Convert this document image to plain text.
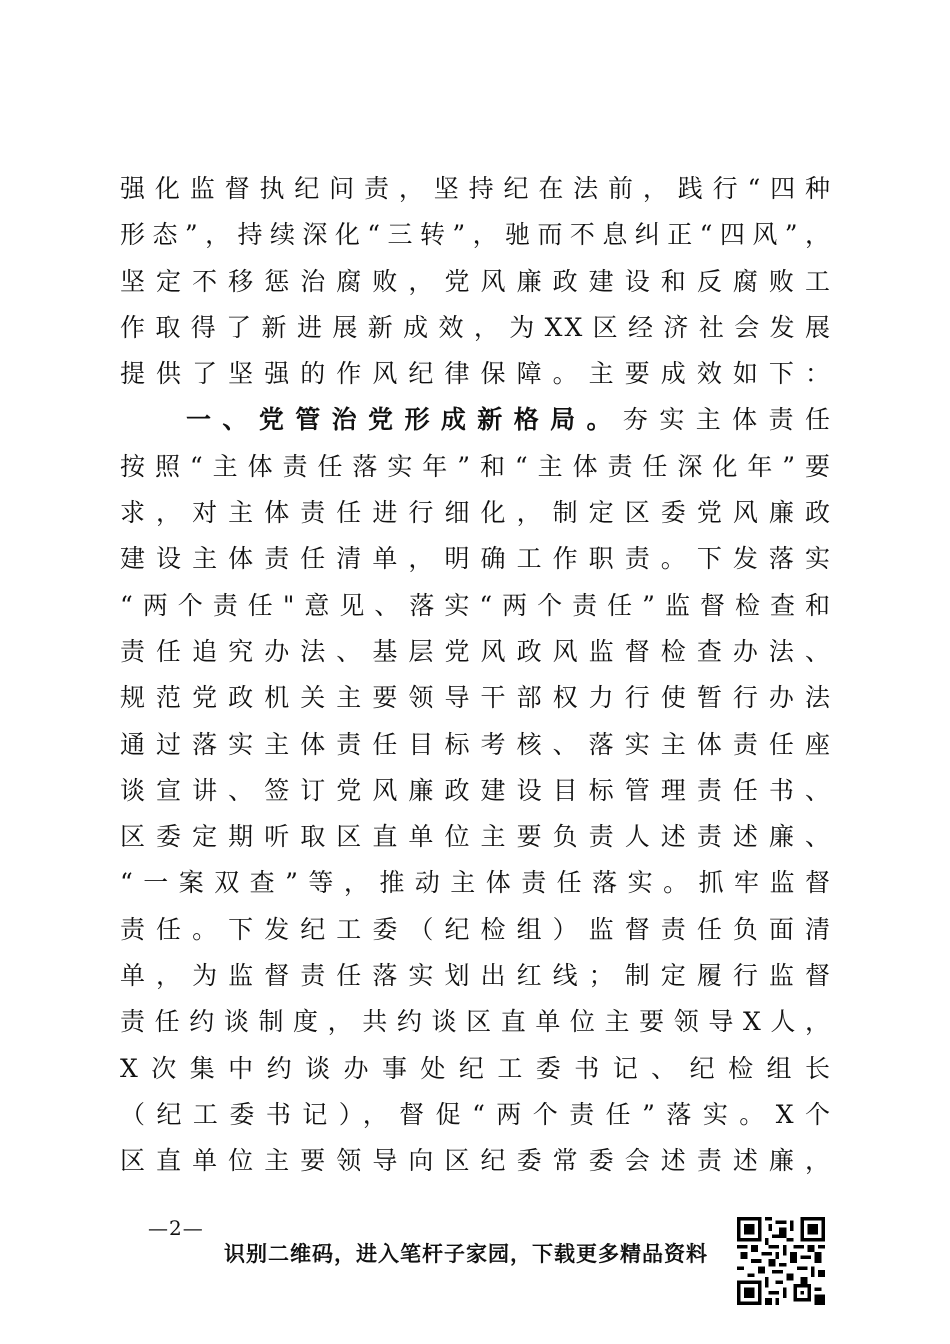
强化监督执纪问责，坚持纪在法前，践行“四种
形态”，持续深化“三转”，驰而不息纠正“四风”，
坚定不移惩治腐败，党风廉政建设和反腐败工
作取得了新进展新成效，为XX区经济社会发展
提供了坚强的作风纪律保障。主要成效如下：
一、党管治党形成新格局。夯实主体责任
按照“主体责任落实年”和“主体责任深化年”要
求，对主体责任进行细化，制定区委党风廉政
建设主体责任清单，明确工作职责。下发落实
“两个责任"意见、落实“两个责任”监督检查和
责任追究办法、基层党风政风监督检查办法、
规范党政机关主要领导干部权力行使暂行办法
通过落实主体责任目标考核、落实主体责任座
谈宣讲、签订党风廉政建设目标管理责任书、
区委定期听取区直单位主要负责人述责述廉、
“一案双查”等，推动主体责任落实。抓牢监督
责任。下发纪工委（纪检组）监督责任负面清
单，为监督责任落实划出红线；制定履行监督
责任约谈制度，共约谈区直单位主要领导X人，
X次集中约谈办事处纪工委书记、纪检组长
（纪工委书记），督促“两个责任”落实。X个
区直单位主要领导向区纪委常委会述责述廉，
—2—
识别二维码，进入笔杆子家园，下载更多精品资料
